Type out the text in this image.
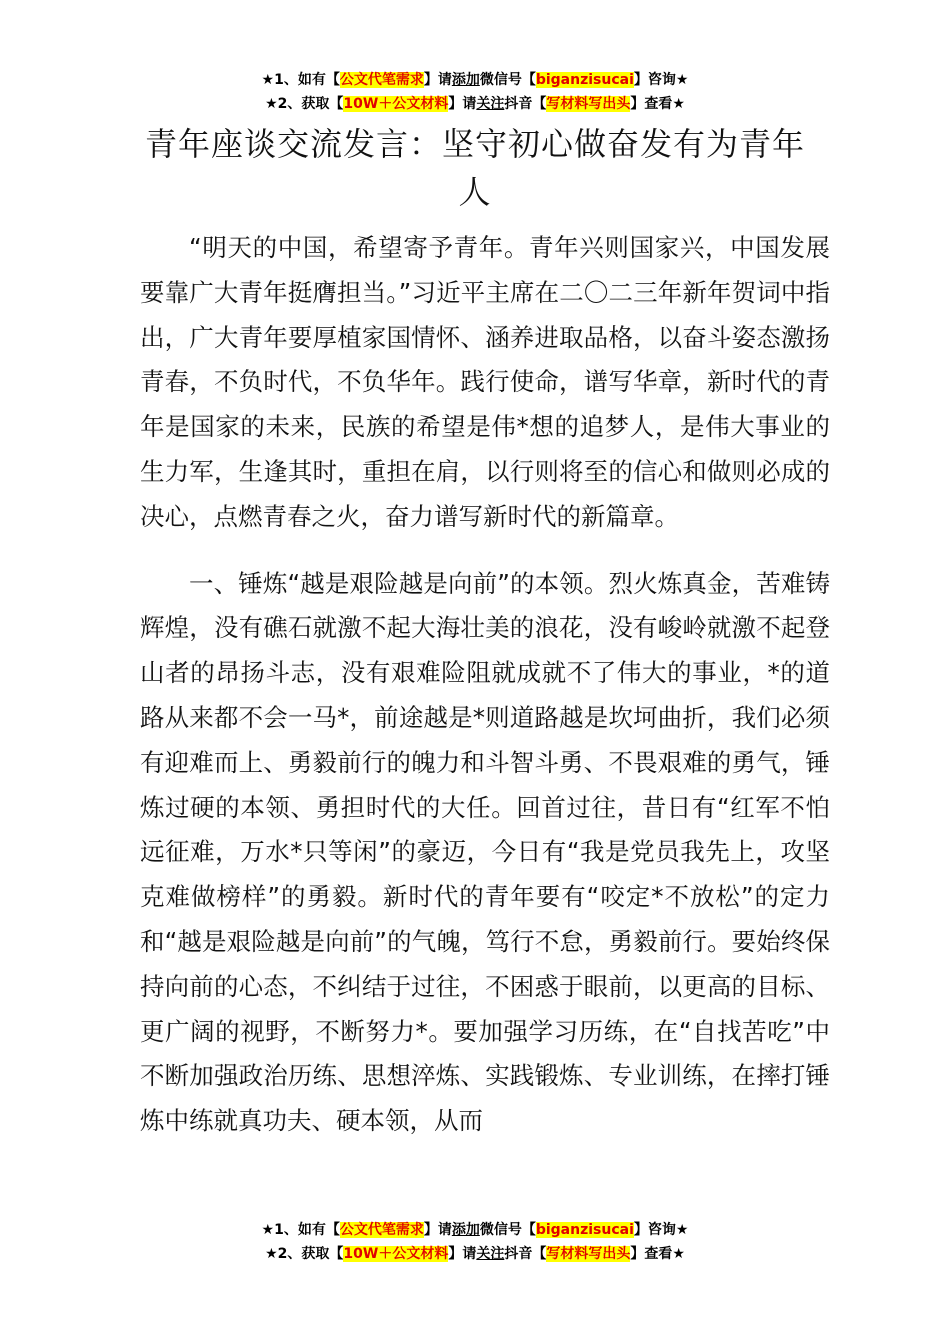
★1、如有【公文代笔需求】请添加微信号【biganzisucai】咨询★
★2、获取【10W＋公文材料】请关注抖音【写材料写出头】查看★
青年座谈交流发言：坚守初心做奋发有为青年人

“明天的中国，希望寄予青年。青年兴则国家兴，中国发展要靠广大青年挺膺担当。”习近平主席在二〇二三年新年贺词中指出，广大青年要厚植家国情怀、涵养进取品格，以奋斗姿态激扬青春，不负时代，不负华年。践行使命，谱写华章，新时代的青年是国家的未来，民族的希望是伟*想的追梦人，是伟大事业的生力军，生逢其时，重担在肩，以行则将至的信心和做则必成的决心，点燃青春之火，奋力谱写新时代的新篇章。

一、锤炼“越是艰险越是向前”的本领。烈火炼真金，苦难铸辉煌，没有礁石就激不起大海壮美的浪花，没有峻岭就激不起登山者的昂扬斗志，没有艰难险阻就成就不了伟大的事业，*的道路从来都不会一马*，前途越是*则道路越是坎坷曲折，我们必须有迎难而上、勇毅前行的魄力和斗智斗勇、不畏艰难的勇气，锤炼过硬的本领、勇担时代的大任。回首过往，昔日有“红军不怕远征难，万水*只等闲”的豪迈，今日有“我是党员我先上，攻坚克难做榜样”的勇毅。新时代的青年要有“咬定*不放松”的定力和“越是艰险越是向前”的气魄，笃行不怠，勇毅前行。要始终保持向前的心态，不纠结于过往，不困惑于眼前，以更高的目标、更广阔的视野，不断努力*。要加强学习历练，在“自找苦吃”中不断加强政治历练、思想淬炼、实践锻炼、专业训练，在摔打锤炼中练就真功夫、硬本领，从而

★1、如有【公文代笔需求】请添加微信号【biganzisucai】咨询★
★2、获取【10W＋公文材料】请关注抖音【写材料写出头】查看★
